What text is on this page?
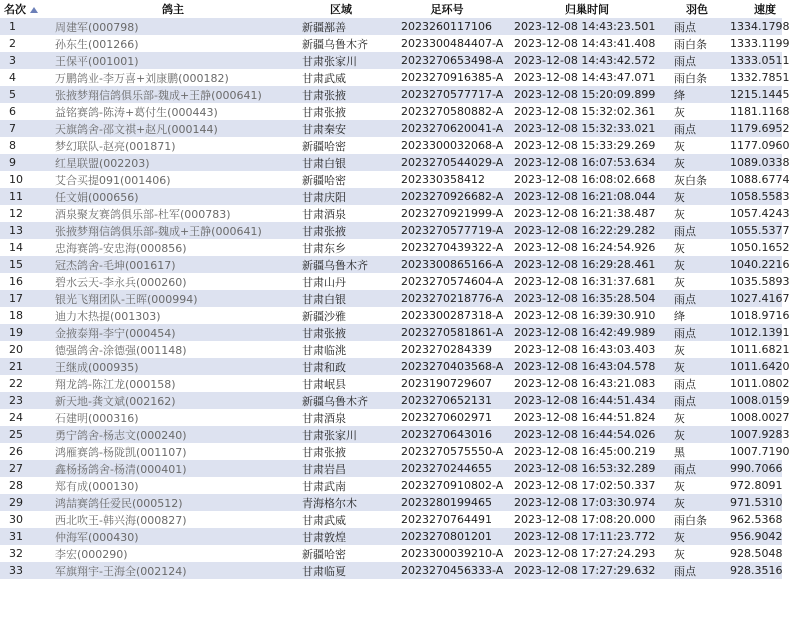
名次	鸽主	区域	足环号	归巢时间	羽色	速度
1	周建军(000798)	新疆鄯善	2023260117106	2023-12-08 14:43:23.501	雨点	1334.1798
2	孙东生(001266)	新疆乌鲁木齐	2023300484407-A	2023-12-08 14:43:41.408	雨白条	1333.1199
3	王保平(001001)	甘肃张家川	2023270653498-A	2023-12-08 14:43:42.572	雨点	1333.0511
4	万鹏鸽业-李万喜+刘康鹏(000182)	甘肃武威	2023270916385-A	2023-12-08 14:43:47.071	雨白条	1332.7851
5	张掖梦翔信鸽俱乐部-魏成+王静(000641)	甘肃张掖	2023270577717-A	2023-12-08 15:20:09.899	绛	1215.1445
6	益铭赛鸽-陈涛+葛付生(000443)	甘肃张掖	2023270580882-A	2023-12-08 15:32:02.361	灰	1181.1168
7	天旗鸽舍-邵文祺+赵凡(000144)	甘肃秦安	2023270620041-A	2023-12-08 15:32:33.021	雨点	1179.6952
8	梦幻联队-赵亮(001871)	新疆哈密	2023300032068-A	2023-12-08 15:33:29.269	灰	1177.0960
9	红星联盟(002203)	甘肃白银	2023270544029-A	2023-12-08 16:07:53.634	灰	1089.0338
10	艾合买提091(001406)	新疆哈密	202330358412	2023-12-08 16:08:02.668	灰白条	1088.6774
11	任文娟(000656)	甘肃庆阳	2023270926682-A	2023-12-08 16:21:08.044	灰	1058.5583
12	酒泉聚友赛鸽俱乐部-杜军(000783)	甘肃酒泉	2023270921999-A	2023-12-08 16:21:38.487	灰	1057.4243
13	张掖梦翔信鸽俱乐部-魏成+王静(000641)	甘肃张掖	2023270577719-A	2023-12-08 16:22:29.282	雨点	1055.5377
14	忠海赛鸽-安忠海(000856)	甘肃东乡	2023270439322-A	2023-12-08 16:24:54.926	灰	1050.1652
15	冠杰鸽舍-毛坤(001617)	新疆乌鲁木齐	2023300865166-A	2023-12-08 16:29:28.461	灰	1040.2216
16	碧水云天-李永兵(000260)	甘肃山丹	2023270574604-A	2023-12-08 16:31:37.681	灰	1035.5893
17	银光飞翔团队-王晖(000994)	甘肃白银	2023270218776-A	2023-12-08 16:35:28.504	雨点	1027.4167
18	迪力木热提(001303)	新疆沙雅	2023300287318-A	2023-12-08 16:39:30.910	绛	1018.9716
19	金掖泰翔-李宁(000454)	甘肃张掖	2023270581861-A	2023-12-08 16:42:49.989	雨点	1012.1391
20	德强鸽舍-涂德强(001148)	甘肃临洮	2023270284339	2023-12-08 16:43:03.403	灰	1011.6821
21	王继成(000935)	甘肃和政	2023270403568-A	2023-12-08 16:43:04.578	灰	1011.6420
22	翔龙鸽-陈江龙(000158)	甘肃岷县	2023190729607	2023-12-08 16:43:21.083	雨点	1011.0802
23	新天地-龚文斌(002162)	新疆乌鲁木齐	2023270652131	2023-12-08 16:44:51.434	雨点	1008.0159
24	石建明(000316)	甘肃酒泉	2023270602971	2023-12-08 16:44:51.824	灰	1008.0027
25	勇宁鸽舍-杨志文(000240)	甘肃张家川	2023270643016	2023-12-08 16:44:54.026	灰	1007.9283
26	鸿雁赛鸽-杨陇凯(001107)	甘肃张掖	2023270575550-A	2023-12-08 16:45:00.219	黑	1007.7190
27	鑫杨扬鸽舍-杨清(000401)	甘肃岩昌	2023270244655	2023-12-08 16:53:32.289	雨点	990.7066
28	郑有成(000130)	甘肃武南	2023270910802-A	2023-12-08 17:02:50.337	灰	972.8091
29	鸿喆赛鸽任爱民(000512)	青海格尔木	2023280199465	2023-12-08 17:03:30.974	灰	971.5310
30	西北吹王-韩兴海(000827)	甘肃武威	2023270764491	2023-12-08 17:08:20.000	雨白条	962.5368
31	仲海军(000430)	甘肃敦煌	2023270801201	2023-12-08 17:11:23.772	灰	956.9042
32	李宏(000290)	新疆哈密	2023300039210-A	2023-12-08 17:27:24.293	灰	928.5048
33	军旗翔宇-王海全(002124)	甘肃临夏	2023270456333-A	2023-12-08 17:27:29.632	雨点	928.3516
